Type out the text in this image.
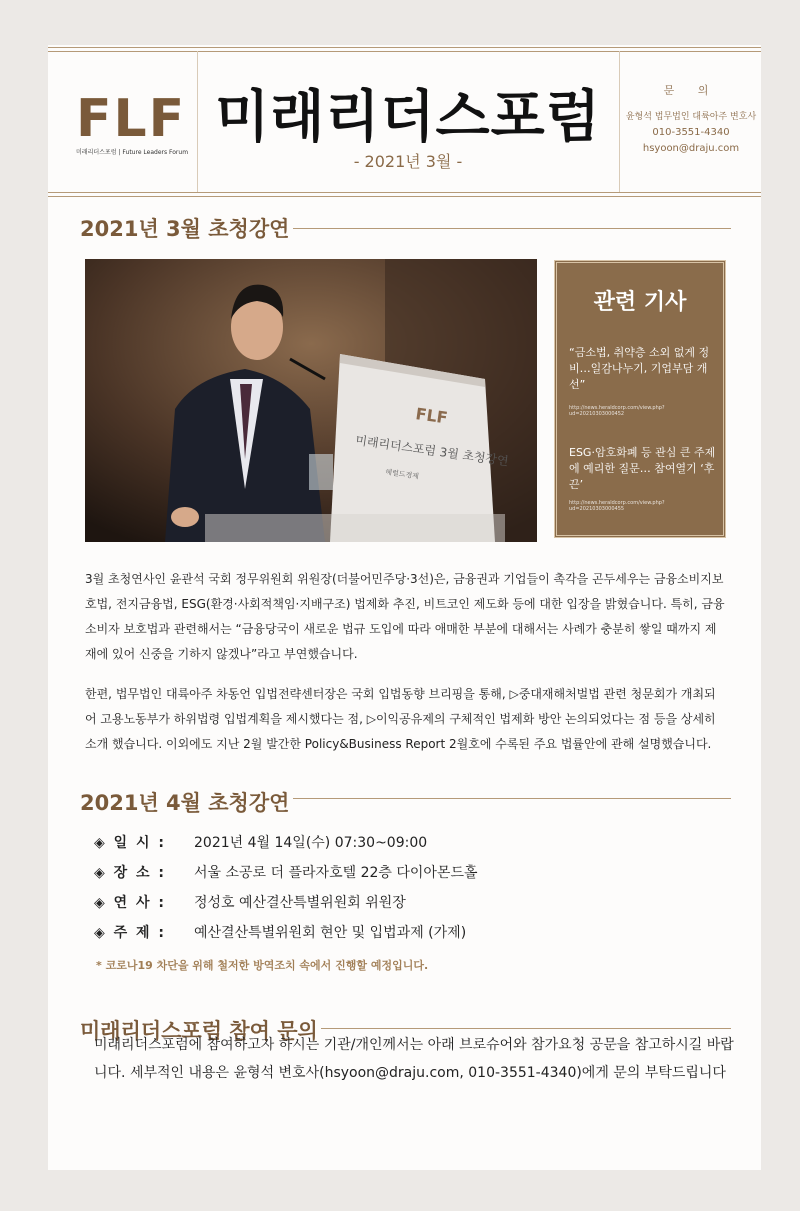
FLF
미래리더스포럼 | Future Leaders Forum
미래리더스포럼
- 2021년 3월 -
문 의
윤형석 법무법인 대륙아주 변호사
010-3551-4340
hsyoon@draju.com
2021년 3월 초청강연
FLF
미래리더스포럼 3월 초청강연
헤럴드경제
관련 기사
“금소법, 취약층 소외 없게 정비…일감나누기, 기업부담 개선”
http://news.heraldcorp.com/view.php?ud=20210303000452
ESG·암호화폐 등 관심 큰 주제에 예리한 질문… 참여열기 ‘후끈’
http://news.heraldcorp.com/view.php?ud=20210303000455
3월 초청연사인 윤관석 국회 정무위원회 위원장(더불어민주당·3선)은, 금융권과 기업들이 촉각을 곤두세우는 금융소비지보호법, 전지금융법, ESG(환경·사회적책임·지배구조) 법제화 추진, 비트코인 제도화 등에 대한 입장을 밝혔습니다. 특히, 금융소비자 보호법과 관련해서는 “금융당국이 새로운 법규 도입에 따라 애매한 부분에 대해서는 사례가 충분히 쌓일 때까지 제재에 있어 신중을 기하지 않겠나”라고 부연했습니다.
한편, 법무법인 대륙아주 차동언 입법전략센터장은 국회 입법동향 브리핑을 통해, ▷중대재해처벌법 관련 청문회가 개최되어 고용노동부가 하위법령 입법계획을 제시했다는 점, ▷이익공유제의 구체적인 법제화 방안 논의되었다는 점 등을 상세히 소개 했습니다. 이외에도 지난 2월 발간한 Policy&Business Report 2월호에 수록된 주요 법률안에 관해 설명했습니다.
2021년 4월 초청강연
◈ 일 시 : 2021년 4월 14일(수) 07:30~09:00
◈ 장 소 : 서울 소공로 더 플라자호텔 22층 다이아몬드홀
◈ 연 사 : 정성호 예산결산특별위원회 위원장
◈ 주 제 : 예산결산특별위원회 현안 및 입법과제 (가제)
* 코로나19 차단을 위해 철저한 방역조치 속에서 진행할 예정입니다.
미래리더스포럼 참여 문의
미래리더스포럼에 참여하고자 하시는 기관/개인께서는 아래 브로슈어와 참가요청 공문을 참고하시길 바랍니다. 세부적인 내용은 윤형석 변호사(hsyoon@draju.com, 010-3551-4340)에게 문의 부탁드립니다
